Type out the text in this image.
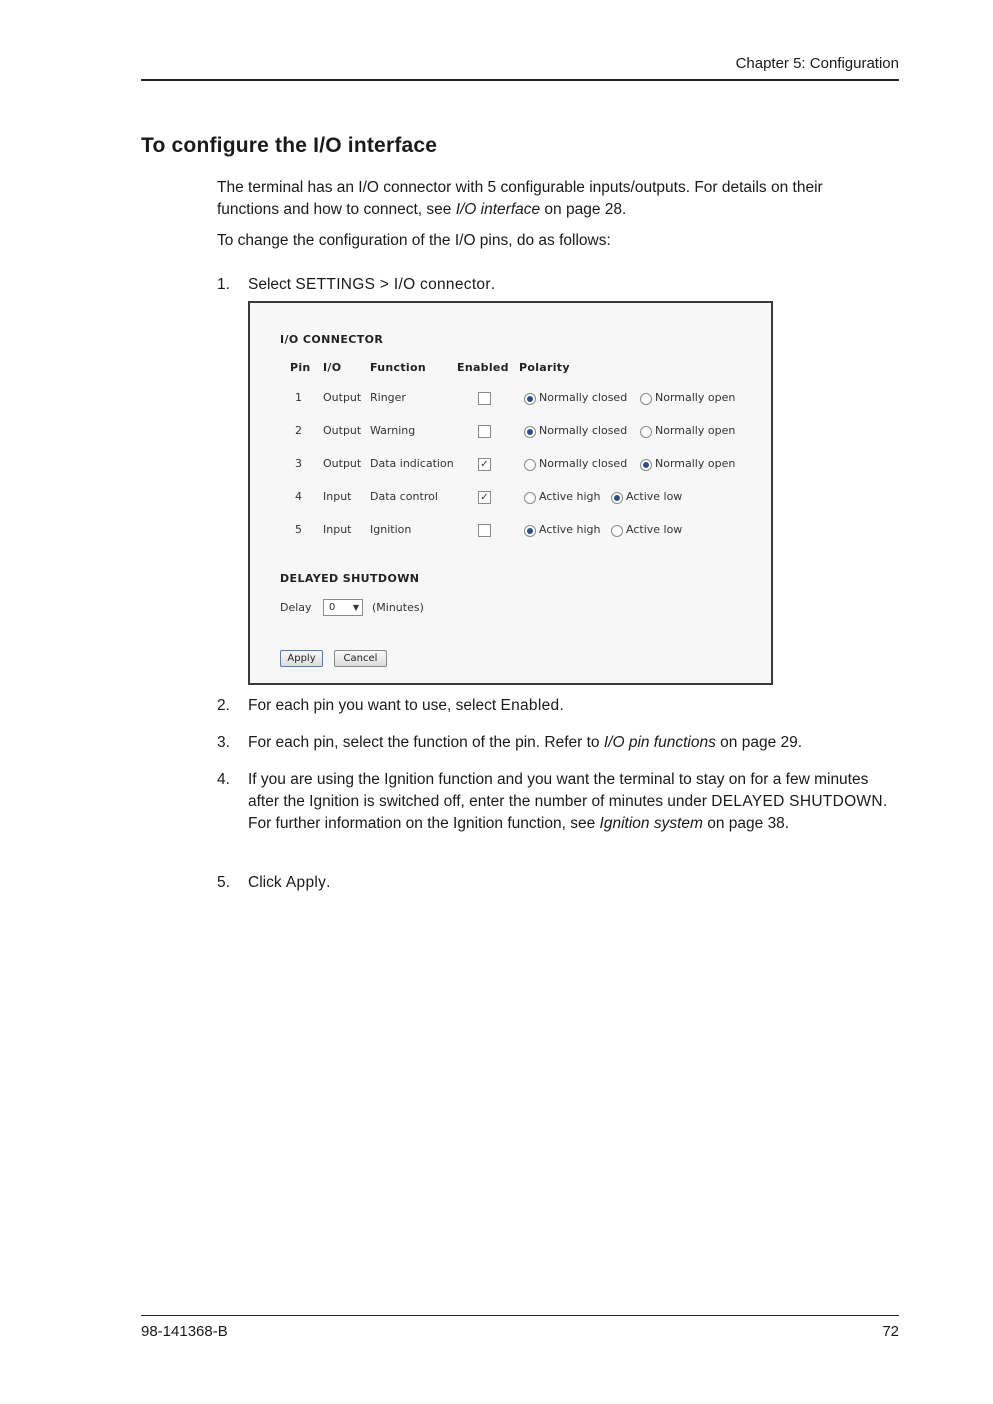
Chapter 5: Configuration
To configure the I/O interface

The terminal has an I/O connector with 5 configurable inputs/outputs. For details on their functions and how to connect, see I/O interface on page 28.

To change the configuration of the I/O pins, do as follows:

1. Select SETTINGS > I/O connector.
I/O CONNECTOR
Pin I/O	Function	Enabled Polarity
1 Output Ringer	Normally closed	Normally open
2 Output Warning	Normally closed	Normally open
3 Output Data indication	✓	Normally closed	Normally open
4 Input Data control	✓	Active high Active low
5 Input Ignition	Active high Active low
DELAYED SHUTDOWN
Delay 0 ▼ (Minutes)
Apply	Cancel
2. For each pin you want to use, select Enabled.
3. For each pin, select the function of the pin. Refer to I/O pin functions on page 29.
4. If you are using the Ignition function and you want the terminal to stay on for a few minutes after the Ignition is switched off, enter the number of minutes under DELAYED SHUTDOWN.
For further information on the Ignition function, see Ignition system on page 38.
5. Click Apply.
98-141368-B	72
